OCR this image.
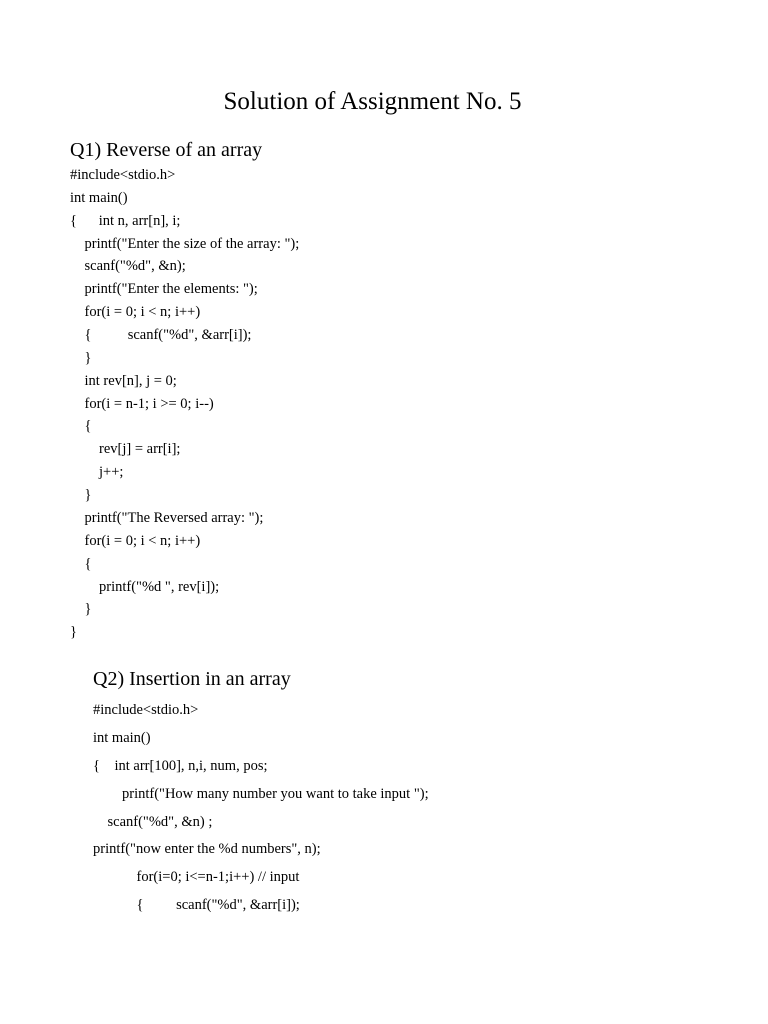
Solution of Assignment No. 5
Q1) Reverse of an array
#include<stdio.h>
int main()
{      int n, arr[n], i;
printf("Enter the size of the array: ");
scanf("%d", &n);
printf("Enter the elements: ");
for(i = 0; i < n; i++)
{          scanf("%d", &arr[i]);
}
int rev[n], j = 0;
for(i = n-1; i >= 0; i--)
{
rev[j] = arr[i];
j++;
}
printf("The Reversed array: ");
for(i = 0; i < n; i++)
{
printf("%d ", rev[i]);
}
}
Q2) Insertion in an array
#include<stdio.h>
int main()
{    int arr[100], n,i, num, pos;
printf("How many number you want to take input ");
scanf("%d", &n) ;
printf("now enter the %d numbers", n);
for(i=0; i<=n-1;i++) // input
{         scanf("%d", &arr[i]);
